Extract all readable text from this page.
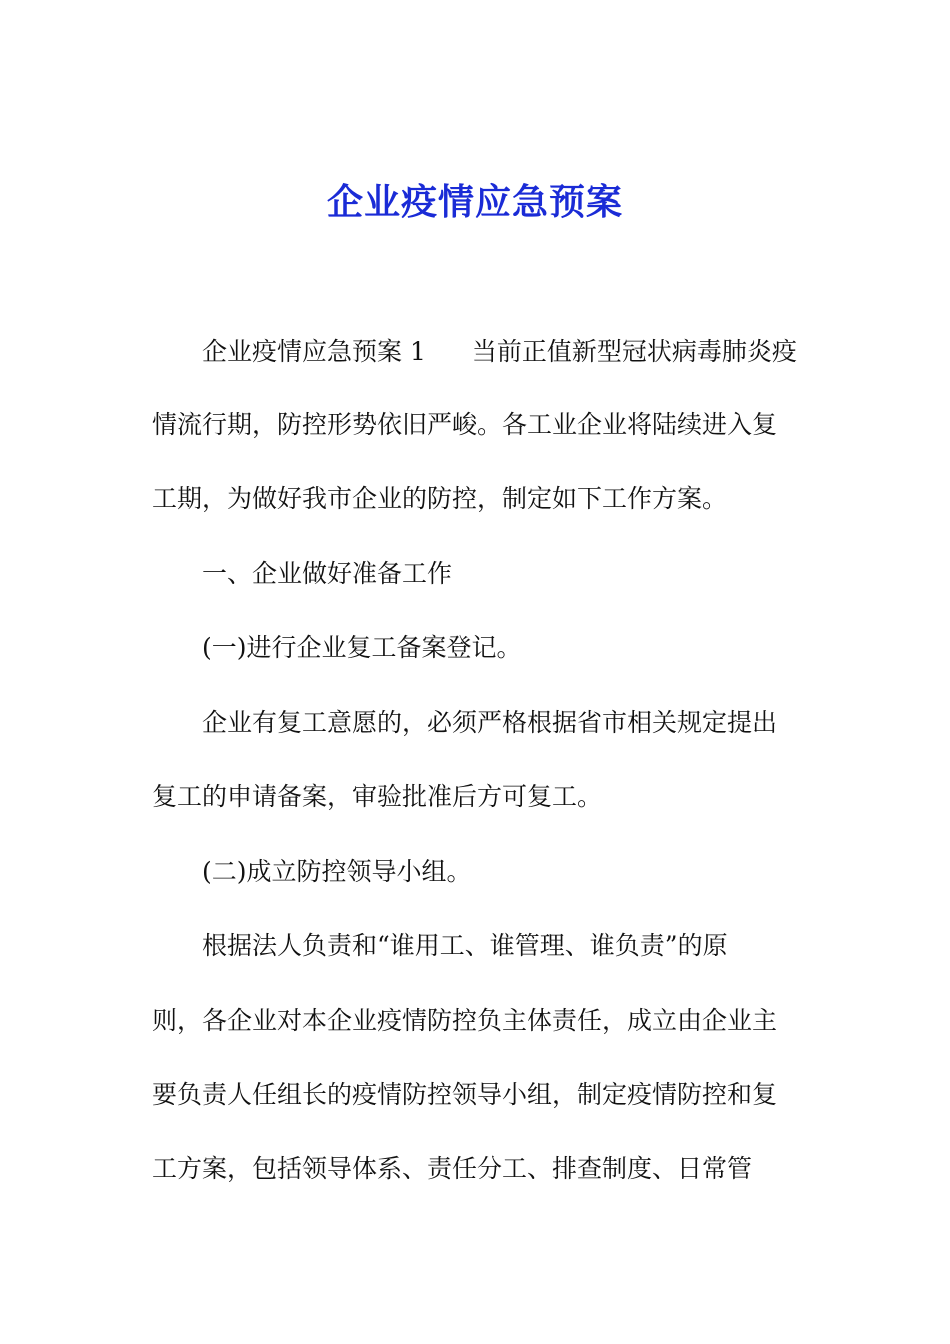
企业疫情应急预案
企业疫情应急预案 1 当前正值新型冠状病毒肺炎疫
情流行期，防控形势依旧严峻。各工业企业将陆续进入复
工期，为做好我市企业的防控，制定如下工作方案。
一、企业做好准备工作
(一)进行企业复工备案登记。
企业有复工意愿的，必须严格根据省市相关规定提出
复工的申请备案，审验批准后方可复工。
(二)成立防控领导小组。
根据法人负责和“谁用工、谁管理、谁负责”的原
则，各企业对本企业疫情防控负主体责任，成立由企业主
要负责人任组长的疫情防控领导小组，制定疫情防控和复
工方案，包括领导体系、责任分工、排查制度、日常管
